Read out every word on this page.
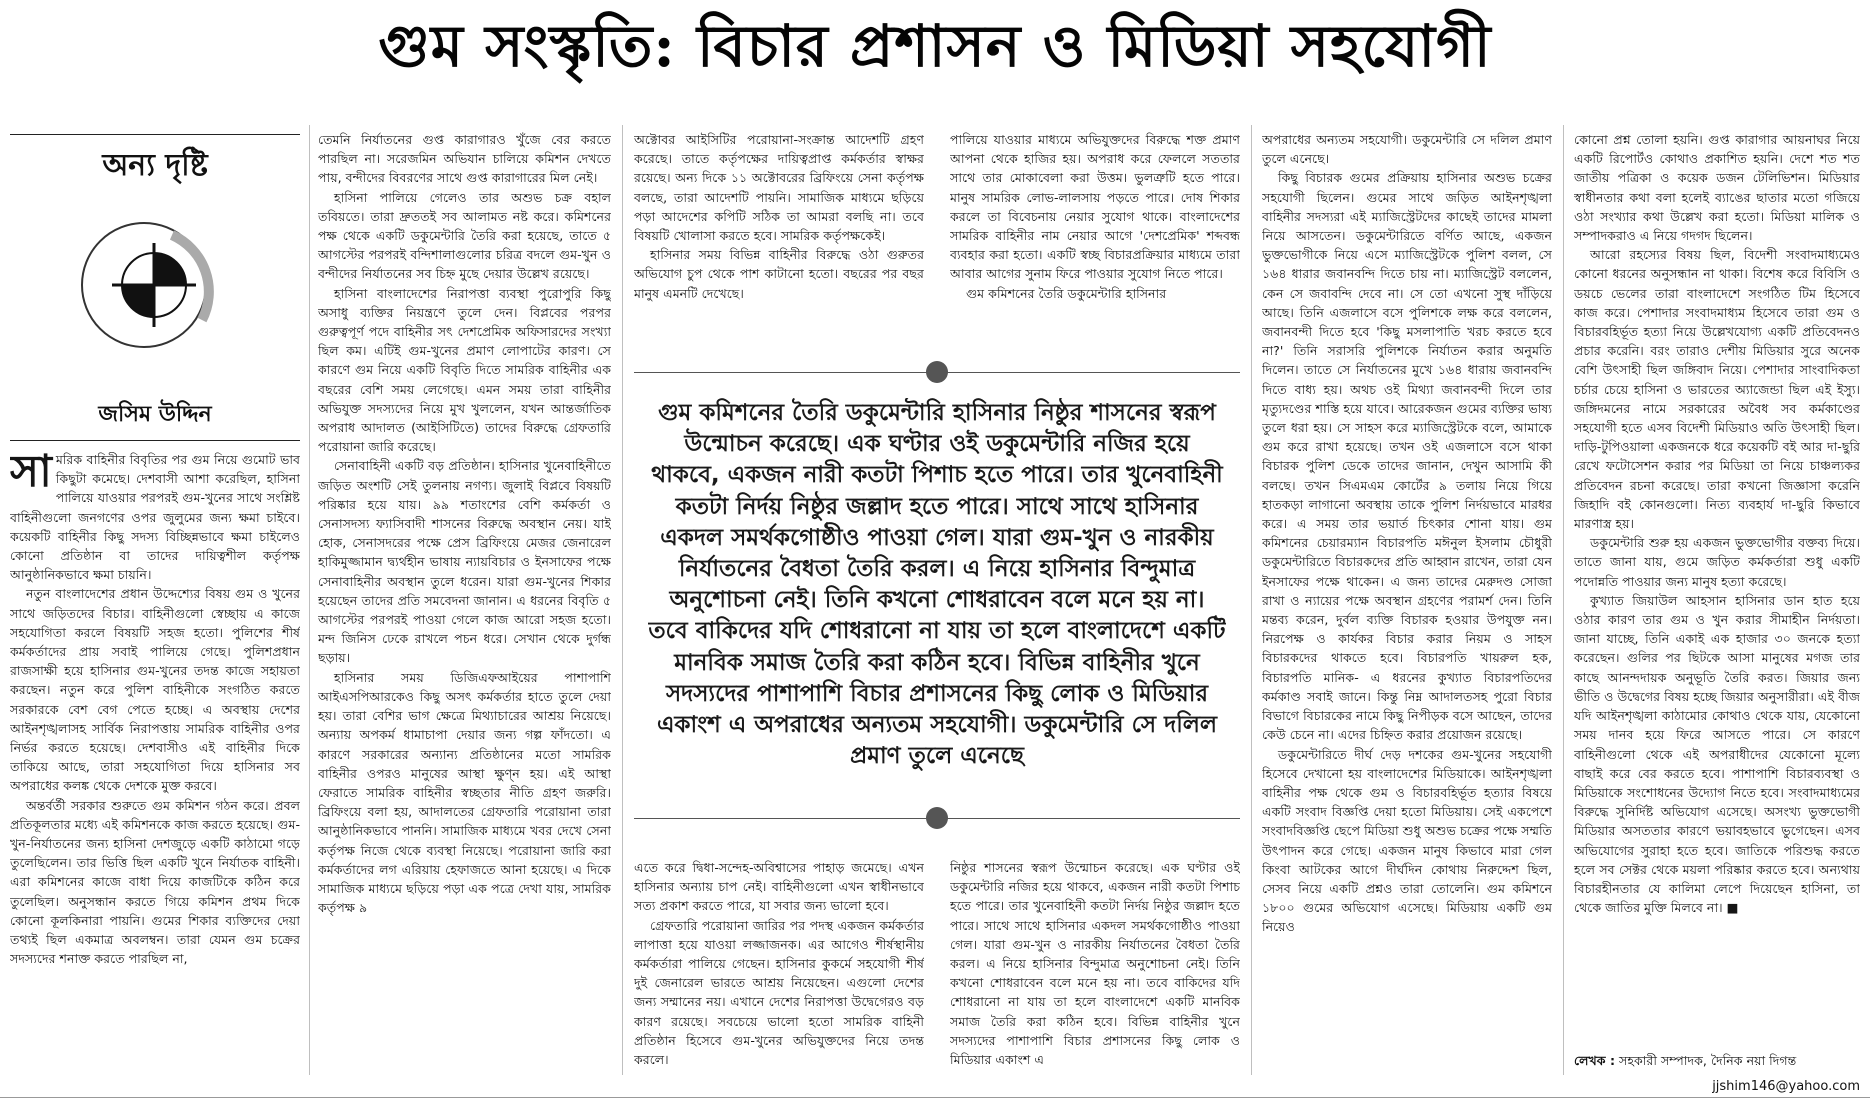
গুম সংস্কৃতি: বিচার প্রশাসন ও মিডিয়া সহযোগী
অন্য দৃষ্টি
জসিম উদ্দিন

সামরিক বাহিনীর বিবৃতির পর গুম নিয়ে গুমোট ভাব কিছুটা কমেছে। দেশবাসী আশা করেছিল, হাসিনা পালিয়ে যাওয়ার পরপরই গুম-খুনের সাথে সংশ্লিষ্ট বাহিনীগুলো জনগণের ওপর জুলুমের জন্য ক্ষমা চাইবে। কয়েকটি বাহিনীর কিছু সদস্য বিচ্ছিন্নভাবে ক্ষমা চাইলেও কোনো প্রতিষ্ঠান বা তাদের দায়িত্বশীল কর্তৃপক্ষ আনুষ্ঠানিকভাবে ক্ষমা চায়নি।

নতুন বাংলাদেশের প্রধান উদ্দেশ্যের বিষয় গুম ও খুনের সাথে জড়িতদের বিচার। বাহিনীগুলো স্বেচ্ছায় এ কাজে সহযোগিতা করলে বিষয়টি সহজ হতো। পুলিশের শীর্ষ কর্মকর্তাদের প্রায় সবাই পালিয়ে গেছে। পুলিশপ্রধান রাজসাক্ষী হয়ে হাসিনার গুম-খুনের তদন্ত কাজে সহায়তা করছেন। নতুন করে পুলিশ বাহিনীকে সংগঠিত করতে সরকারকে বেশ বেগ পেতে হচ্ছে। এ অবস্থায় দেশের আইনশৃঙ্খলাসহ সার্বিক নিরাপত্তায় সামরিক বাহিনীর ওপর নির্ভর করতে হয়েছে। দেশবাসীও এই বাহিনীর দিকে তাকিয়ে আছে, তারা সহযোগিতা দিয়ে হাসিনার সব অপরাধের কলঙ্ক থেকে দেশকে মুক্ত করবে।

অন্তর্বর্তী সরকার শুরুতে গুম কমিশন গঠন করে। প্রবল প্রতিকূলতার মধ্যে এই কমিশনকে কাজ করতে হয়েছে। গুম-খুন-নির্যাতনের জন্য হাসিনা দেশজুড়ে একটি কাঠামো গড়ে তুলেছিলেন। তার ভিত্তি ছিল একটি খুনে নির্যাতক বাহিনী। এরা কমিশনের কাজে বাধা দিয়ে কাজটিকে কঠিন করে তুলেছিল। অনুসন্ধান করতে গিয়ে কমিশন প্রথম দিকে কোনো কূলকিনারা পায়নি। গুমের শিকার ব্যক্তিদের দেয়া তথ্যই ছিল একমাত্র অবলম্বন। তারা যেমন গুম চক্রের সদস্যদের শনাক্ত করতে পারছিল না,

তেমনি নির্যাতনের গুপ্ত কারাগারও খুঁজে বের করতে পারছিল না। সরেজমিন অভিযান চালিয়ে কমিশন দেখতে পায়, বন্দীদের বিবরণের সাথে গুপ্ত কারাগারের মিল নেই।

হাসিনা পালিয়ে গেলেও তার অশুভ চক্র বহাল তবিয়তে। তারা দ্রুততই সব আলামত নষ্ট করে। কমিশনের পক্ষ থেকে একটি ডকুমেন্টারি তৈরি করা হয়েছে, তাতে ৫ আগস্টের পরপরই বন্দিশালাগুলোর চরিত্র বদলে গুম-খুন ও বন্দীদের নির্যাতনের সব চিহ্ন মুছে দেয়ার উল্লেখ রয়েছে।

হাসিনা বাংলাদেশের নিরাপত্তা ব্যবস্থা পুরোপুরি কিছু অসাধু ব্যক্তির নিয়ন্ত্রণে তুলে দেন। বিপ্লবের পরপর গুরুত্বপূর্ণ পদে বাহিনীর সৎ দেশপ্রেমিক অফিসারদের সংখ্যা ছিল কম। এটিই গুম-খুনের প্রমাণ লোপাটের কারণ। সে কারণে গুম নিয়ে একটি বিবৃতি দিতে সামরিক বাহিনীর এক বছরের বেশি সময় লেগেছে। এমন সময় তারা বাহিনীর অভিযুক্ত সদস্যদের নিয়ে মুখ খুললেন, যখন আন্তর্জাতিক অপরাধ আদালত (আইসিটিতে) তাদের বিরুদ্ধে গ্রেফতারি পরোয়ানা জারি করেছে।

সেনাবাহিনী একটি বড় প্রতিষ্ঠান। হাসিনার খুনেবাহিনীতে জড়িত অংশটি সেই তুলনায় নগণ্য। জুলাই বিপ্লবে বিষয়টি পরিষ্কার হয়ে যায়। ৯৯ শতাংশের বেশি কর্মকর্তা ও সেনাসদস্য ফ্যাসিবাদী শাসনের বিরুদ্ধে অবস্থান নেয়। যাই হোক, সেনাসদরের পক্ষে প্রেস ব্রিফিংয়ে মেজর জেনারেল হাকিমুজ্জামান দ্ব্যর্থহীন ভাষায় ন্যায়বিচার ও ইনসাফের পক্ষে সেনাবাহিনীর অবস্থান তুলে ধরেন। যারা গুম-খুনের শিকার হয়েছেন তাদের প্রতি সমবেদনা জানান। এ ধরনের বিবৃতি ৫ আগস্টের পরপরই পাওয়া গেলে কাজ আরো সহজ হতো। মন্দ জিনিস ঢেকে রাখলে পচন ধরে। সেখান থেকে দুর্গন্ধ ছড়ায়।

হাসিনার সময় ডিজিএফআইয়ের পাশাপাশি আইএসপিআরকেও কিছু অসৎ কর্মকর্তার হাতে তুলে দেয়া হয়। তারা বেশির ভাগ ক্ষেত্রে মিথ্যাচারের আশ্রয় নিয়েছে। অন্যায় অপকর্ম ধামাচাপা দেয়ার জন্য গল্প ফাঁদতো। এ কারণে সরকারের অন্যান্য প্রতিষ্ঠানের মতো সামরিক বাহিনীর ওপরও মানুষের আস্থা ক্ষুণ্ন হয়। এই আস্থা ফেরাতে সামরিক বাহিনীর স্বচ্ছতার নীতি গ্রহণ জরুরি। ব্রিফিংয়ে বলা হয়, আদালতের গ্রেফতারি পরোয়ানা তারা আনুষ্ঠানিকভাবে পাননি। সামাজিক মাধ্যমে খবর দেখে সেনা কর্তৃপক্ষ নিজে থেকে ব্যবস্থা নিয়েছে। পরোয়ানা জারি করা কর্মকর্তাদের লগ এরিয়ায় হেফাজতে আনা হয়েছে। এ দিকে সামাজিক মাধ্যমে ছড়িয়ে পড়া এক পত্রে দেখা যায়, সামরিক কর্তৃপক্ষ ৯

অক্টোবর আইসিটির পরোয়ানা-সংক্রান্ত আদেশটি গ্রহণ করেছে। তাতে কর্তৃপক্ষের দায়িত্বপ্রাপ্ত কর্মকর্তার স্বাক্ষর রয়েছে। অন্য দিকে ১১ অক্টোবরের ব্রিফিংয়ে সেনা কর্তৃপক্ষ বলছে, তারা আদেশটি পায়নি। সামাজিক মাধ্যমে ছড়িয়ে পড়া আদেশের কপিটি সঠিক তা আমরা বলছি না। তবে বিষয়টি খোলাসা করতে হবে। সামরিক কর্তৃপক্ষকেই।

হাসিনার সময় বিভিন্ন বাহিনীর বিরুদ্ধে ওঠা গুরুতর অভিযোগ চুপ থেকে পাশ কাটানো হতো। বছরের পর বছর মানুষ এমনটি দেখেছে।

পালিয়ে যাওয়ার মাধ্যমে অভিযুক্তদের বিরুদ্ধে শক্ত প্রমাণ আপনা থেকে হাজির হয়। অপরাধ করে ফেললে সততার সাথে তার মোকাবেলা করা উত্তম। ভুলত্রুটি হতে পারে। মানুষ সামরিক লোভ-লালসায় পড়তে পারে। দোষ শিকার করলে তা বিবেচনায় নেয়ার সুযোগ থাকে। বাংলাদেশের সামরিক বাহিনীর নাম নেয়ার আগে 'দেশপ্রেমিক' শব্দবন্ধ ব্যবহার করা হতো। একটি স্বচ্ছ বিচারপ্রক্রিয়ার মাধ্যমে তারা আবার আগের সুনাম ফিরে পাওয়ার সুযোগ নিতে পারে।

গুম কমিশনের তৈরি ডকুমেন্টারি হাসিনার

গুম কমিশনের তৈরি ডকুমেন্টারি হাসিনার নিষ্ঠুর শাসনের স্বরূপ উন্মোচন করেছে। এক ঘণ্টার ওই ডকুমেন্টারি নজির হয়ে থাকবে, একজন নারী কতটা পিশাচ হতে পারে। তার খুনেবাহিনী কতটা নির্দয় নিষ্ঠুর জল্লাদ হতে পারে। সাথে সাথে হাসিনার একদল সমর্থকগোষ্ঠীও পাওয়া গেল। যারা গুম-খুন ও নারকীয় নির্যাতনের বৈধতা তৈরি করল। এ নিয়ে হাসিনার বিন্দুমাত্র অনুশোচনা নেই। তিনি কখনো শোধরাবেন বলে মনে হয় না। তবে বাকিদের যদি শোধরানো না যায় তা হলে বাংলাদেশে একটি মানবিক সমাজ তৈরি করা কঠিন হবে। বিভিন্ন বাহিনীর খুনে সদস্যদের পাশাপাশি বিচার প্রশাসনের কিছু লোক ও মিডিয়ার একাংশ এ অপরাধের অন্যতম সহযোগী। ডকুমেন্টারি সে দলিল প্রমাণ তুলে এনেছে

এতে করে দ্বিধা-সন্দেহ-অবিশ্বাসের পাহাড় জমেছে। এখন হাসিনার অন্যায় চাপ নেই। বাহিনীগুলো এখন স্বাধীনভাবে সত্য প্রকাশ করতে পারে, যা সবার জন্য ভালো হবে।

গ্রেফতারি পরোয়ানা জারির পর পদস্থ একজন কর্মকর্তার লাপাত্তা হয়ে যাওয়া লজ্জাজনক। এর আগেও শীর্ষস্থানীয় কর্মকর্তারা পালিয়ে গেছেন। হাসিনার কুকর্মে সহযোগী শীর্ষ দুই জেনারেল ভারতে আশ্রয় নিয়েছেন। এগুলো দেশের জন্য সম্মানের নয়। এখানে দেশের নিরাপত্তা উদ্বেগেরও বড় কারণ রয়েছে। সবচেয়ে ভালো হতো সামরিক বাহিনী প্রতিষ্ঠান হিসেবে গুম-খুনের অভিযুক্তদের নিয়ে তদন্ত করলে।

নিষ্ঠুর শাসনের স্বরূপ উন্মোচন করেছে। এক ঘণ্টার ওই ডকুমেন্টারি নজির হয়ে থাকবে, একজন নারী কতটা পিশাচ হতে পারে। তার খুনেবাহিনী কতটা নির্দয় নিষ্ঠুর জল্লাদ হতে পারে। সাথে সাথে হাসিনার একদল সমর্থকগোষ্ঠীও পাওয়া গেল। যারা গুম-খুন ও নারকীয় নির্যাতনের বৈধতা তৈরি করল। এ নিয়ে হাসিনার বিন্দুমাত্র অনুশোচনা নেই। তিনি কখনো শোধরাবেন বলে মনে হয় না। তবে বাকিদের যদি শোধরানো না যায় তা হলে বাংলাদেশে একটি মানবিক সমাজ তৈরি করা কঠিন হবে। বিভিন্ন বাহিনীর খুনে সদস্যদের পাশাপাশি বিচার প্রশাসনের কিছু লোক ও মিডিয়ার একাংশ এ

অপরাধের অন্যতম সহযোগী। ডকুমেন্টারি সে দলিল প্রমাণ তুলে এনেছে।

কিছু বিচারক গুমের প্রক্রিয়ায় হাসিনার অশুভ চক্রের সহযোগী ছিলেন। গুমের সাথে জড়িত আইনশৃঙ্খলা বাহিনীর সদস্যরা এই ম্যাজিস্ট্রেটদের কাছেই তাদের মামলা নিয়ে আসতেন। ডকুমেন্টারিতে বর্ণিত আছে, একজন ভুক্তভোগীকে নিয়ে এসে ম্যাজিস্ট্রেটকে পুলিশ বলল, সে ১৬৪ ধারার জবানবন্দি দিতে চায় না। ম্যাজিস্ট্রেট বললেন, কেন সে জবাবন্দি দেবে না। সে তো এখনো সুস্থ দাঁড়িয়ে আছে। তিনি এজলাসে বসে পুলিশকে লক্ষ করে বললেন, জবানবন্দী দিতে হবে 'কিছু মসলাপাতি খরচ করতে হবে না?' তিনি সরাসরি পুলিশকে নির্যাতন করার অনুমতি দিলেন। তাতে সে নির্যাতনের মুখে ১৬৪ ধারায় জবানবন্দি দিতে বাধ্য হয়। অথচ ওই মিথ্যা জবানবন্দী দিলে তার মৃত্যুদণ্ডের শাস্তি হয়ে যাবে। আরেকজন গুমের ব্যক্তির ভাষ্য তুলে ধরা হয়। সে সাহস করে ম্যাজিস্ট্রেটকে বলে, আমাকে গুম করে রাখা হয়েছে। তখন ওই এজলাসে বসে থাকা বিচারক পুলিশ ডেকে তাদের জানান, দেখুন আসামি কী বলছে। তখন সিএমএম কোর্টের ৯ তলায় নিয়ে গিয়ে হাতকড়া লাগানো অবস্থায় তাকে পুলিশ নির্দয়ভাবে মারধর করে। এ সময় তার ভয়ার্ত চিৎকার শোনা যায়। গুম কমিশনের চেয়ারম্যান বিচারপতি মঈনুল ইসলাম চৌধুরী ডকুমেন্টারিতে বিচারকদের প্রতি আহ্বান রাখেন, তারা যেন ইনসাফের পক্ষে থাকেন। এ জন্য তাদের মেরুদণ্ড সোজা রাখা ও ন্যায়ের পক্ষে অবস্থান গ্রহণের পরামর্শ দেন। তিনি মন্তব্য করেন, দুর্বল ব্যক্তি বিচারক হওয়ার উপযুক্ত নন। নিরপেক্ষ ও কার্যকর বিচার করার নিয়ম ও সাহস বিচারকদের থাকতে হবে। বিচারপতি খায়রুল হক, বিচারপতি মানিক- এ ধরনের কুখ্যাত বিচারপতিদের কর্মকাণ্ড সবাই জানে। কিন্তু নিম্ন আদালতসহ পুরো বিচার বিভাগে বিচারকের নামে কিছু নিপীড়ক বসে আছেন, তাদের কেউ চেনে না। এদের চিহ্নিত করার প্রয়োজন রয়েছে।

ডকুমেন্টারিতে দীর্ঘ দেড় দশকের গুম-খুনের সহযোগী হিসেবে দেখানো হয় বাংলাদেশের মিডিয়াকে। আইনশৃঙ্খলা বাহিনীর পক্ষ থেকে গুম ও বিচারবহির্ভূত হত্যার বিষয়ে একটি সংবাদ বিজ্ঞপ্তি দেয়া হতো মিডিয়ায়। সেই একপেশে সংবাদবিজ্ঞপ্তি ছেপে মিডিয়া শুধু অশুভ চক্রের পক্ষে সম্মতি উৎপাদন করে গেছে। একজন মানুষ কিভাবে মারা গেল কিংবা আটকের আগে দীর্ঘদিন কোথায় নিরুদ্দেশ ছিল, সেসব নিয়ে একটি প্রশ্নও তারা তোলেনি। গুম কমিশনে ১৮০০ গুমের অভিযোগ এসেছে। মিডিয়ায় একটি গুম নিয়েও

কোনো প্রশ্ন তোলা হয়নি। গুপ্ত কারাগার আয়নাঘর নিয়ে একটি রিপোর্টও কোথাও প্রকাশিত হয়নি। দেশে শত শত জাতীয় পত্রিকা ও কয়েক ডজন টেলিভিশন। মিডিয়ার স্বাধীনতার কথা বলা হলেই ব্যাঙের ছাতার মতো গজিয়ে ওঠা সংখ্যার কথা উল্লেখ করা হতো। মিডিয়া মালিক ও সম্পাদকরাও এ নিয়ে গদগদ ছিলেন।

আরো রহস্যের বিষয় ছিল, বিদেশী সংবাদমাধ্যমেও কোনো ধরনের অনুসন্ধান না থাকা। বিশেষ করে বিবিসি ও ডয়চে ভেলের তারা বাংলাদেশে সংগঠিত টিম হিসেবে কাজ করে। পেশাদার সংবাদমাধ্যম হিসেবে তারা গুম ও বিচারবহির্ভূত হত্যা নিয়ে উল্লেখযোগ্য একটি প্রতিবেদনও প্রচার করেনি। বরং তারাও দেশীয় মিডিয়ার সুরে অনেক বেশি উৎসাহী ছিল জঙ্গিবাদ নিয়ে। পেশাদার সাংবাদিকতা চর্চার চেয়ে হাসিনা ও ভারতের অ্যাজেন্ডা ছিল এই ইস্যু। জঙ্গিদমনের নামে সরকারের অবৈধ সব কর্মকাণ্ডের সহযোগী হতে এসব বিদেশী মিডিয়াও অতি উৎসাহী ছিল। দাড়ি-টুপিওয়ালা একজনকে ধরে কয়েকটি বই আর দা-ছুরি রেখে ফটোসেশন করার পর মিডিয়া তা নিয়ে চাঞ্চল্যকর প্রতিবেদন রচনা করেছে। তারা কখনো জিজ্ঞাসা করেনি জিহাদি বই কোনগুলো। নিত্য ব্যবহার্য দা-ছুরি কিভাবে মারণাস্ত্র হয়।

ডকুমেন্টারি শুরু হয় একজন ভুক্তভোগীর বক্তব্য দিয়ে। তাতে জানা যায়, গুমে জড়িত কর্মকর্তারা শুধু একটি পদোন্নতি পাওয়ার জন্য মানুষ হত্যা করেছে।

কুখ্যাত জিয়াউল আহসান হাসিনার ডান হাত হয়ে ওঠার কারণ তার গুম ও খুন করার সীমাহীন নির্দয়তা। জানা যাচ্ছে, তিনি একাই এক হাজার ৩০ জনকে হত্যা করেছেন। গুলির পর ছিটকে আসা মানুষের মগজ তার কাছে আনন্দদায়ক অনুভূতি তৈরি করত। জিয়ার জন্য ভীতি ও উদ্বেগের বিষয় হচ্ছে জিয়ার অনুসারীরা। এই বীজ যদি আইনশৃঙ্খলা কাঠামোর কোথাও থেকে যায়, যেকোনো সময় দানব হয়ে ফিরে আসতে পারে। সে কারণে বাহিনীগুলো থেকে এই অপরাধীদের যেকোনো মূল্যে বাছাই করে বের করতে হবে। পাশাপাশি বিচারব্যবস্থা ও মিডিয়াকে সংশোধনের উদ্যোগ নিতে হবে। সংবাদমাধ্যমের বিরুদ্ধে সুনির্দিষ্ট অভিযোগ এসেছে। অসংখ্য ভুক্তভোগী মিডিয়ার অসততার কারণে ভয়াবহভাবে ভুগেছেন। এসব অভিযোগের সুরাহা হতে হবে। জাতিকে পরিশুদ্ধ করতে হলে সব সেক্টর থেকে ময়লা পরিষ্কার করতে হবে। অন্যথায় বিচারহীনতার যে কালিমা লেপে দিয়েছেন হাসিনা, তা থেকে জাতির মুক্তি মিলবে না। ■

লেখক : সহকারী সম্পাদক, দৈনিক নয়া দিগন্ত
jjshim146@yahoo.com
